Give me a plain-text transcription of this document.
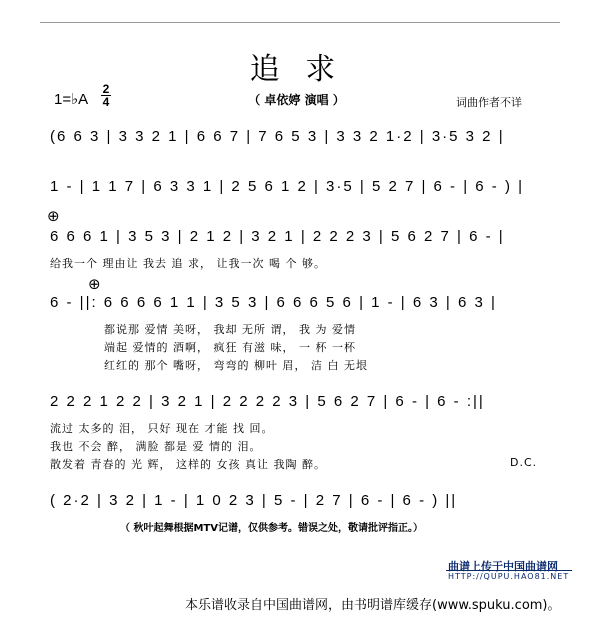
追 求
1=♭A
2
4	（ 卓依婷 演唱 ）	词曲作者不详
(6 6 3 | 3 3 2 1 | 6 6 7 | 7 6 5 3 | 3 3 2 1·2 | 3·5 3 2 |
1 - | 1 1 7 | 6 3 3 1 | 2 5 6 1 2 | 3·5 | 5 2 7 | 6 - | 6 - ) |
⊕
6 6 6 1 | 3 5 3 | 2 1 2 | 3 2 1 | 2 2 2 3 | 5 6 2 7 | 6 - |
给我一个 理由让 我去 追 求， 让我一次 喝 个 够。
⊕
6 - ||: 6 6 6 6 1 1 | 3 5 3 | 6 6 6 5 6 | 1 - | 6 3 | 6 3 |
都说那 爱情 美呀， 我却 无所 谓， 我 为 爱情
端起 爱情的 酒啊， 疯狂 有滋 味， 一 杯 一杯
红红的 那个 嘴呀， 弯弯的 柳叶 眉， 洁 白 无垠
2 2 2 1 2 2 | 3 2 1 | 2 2 2 2 3 | 5 6 2 7 | 6 - | 6 - :||
流过 太多的 泪， 只好 现在 才能 找 回。
我也 不会 醉， 满脸 都是 爱 情的 泪。
散发着 青春的 光 辉， 这样的 女孩 真让 我陶 醉。	D.C.
( 2·2 | 3 2 | 1 - | 1 0 2 3 | 5 - | 2 7 | 6 - | 6 - ) ||
（ 秋叶起舞根据MTV记谱，仅供参考。错误之处，敬请批评指正。）
曲谱上传于中国曲谱网
HTTP://QUPU.HAO81.NET
本乐谱收录自中国曲谱网，由书明谱库缓存(www.spuku.com)。
